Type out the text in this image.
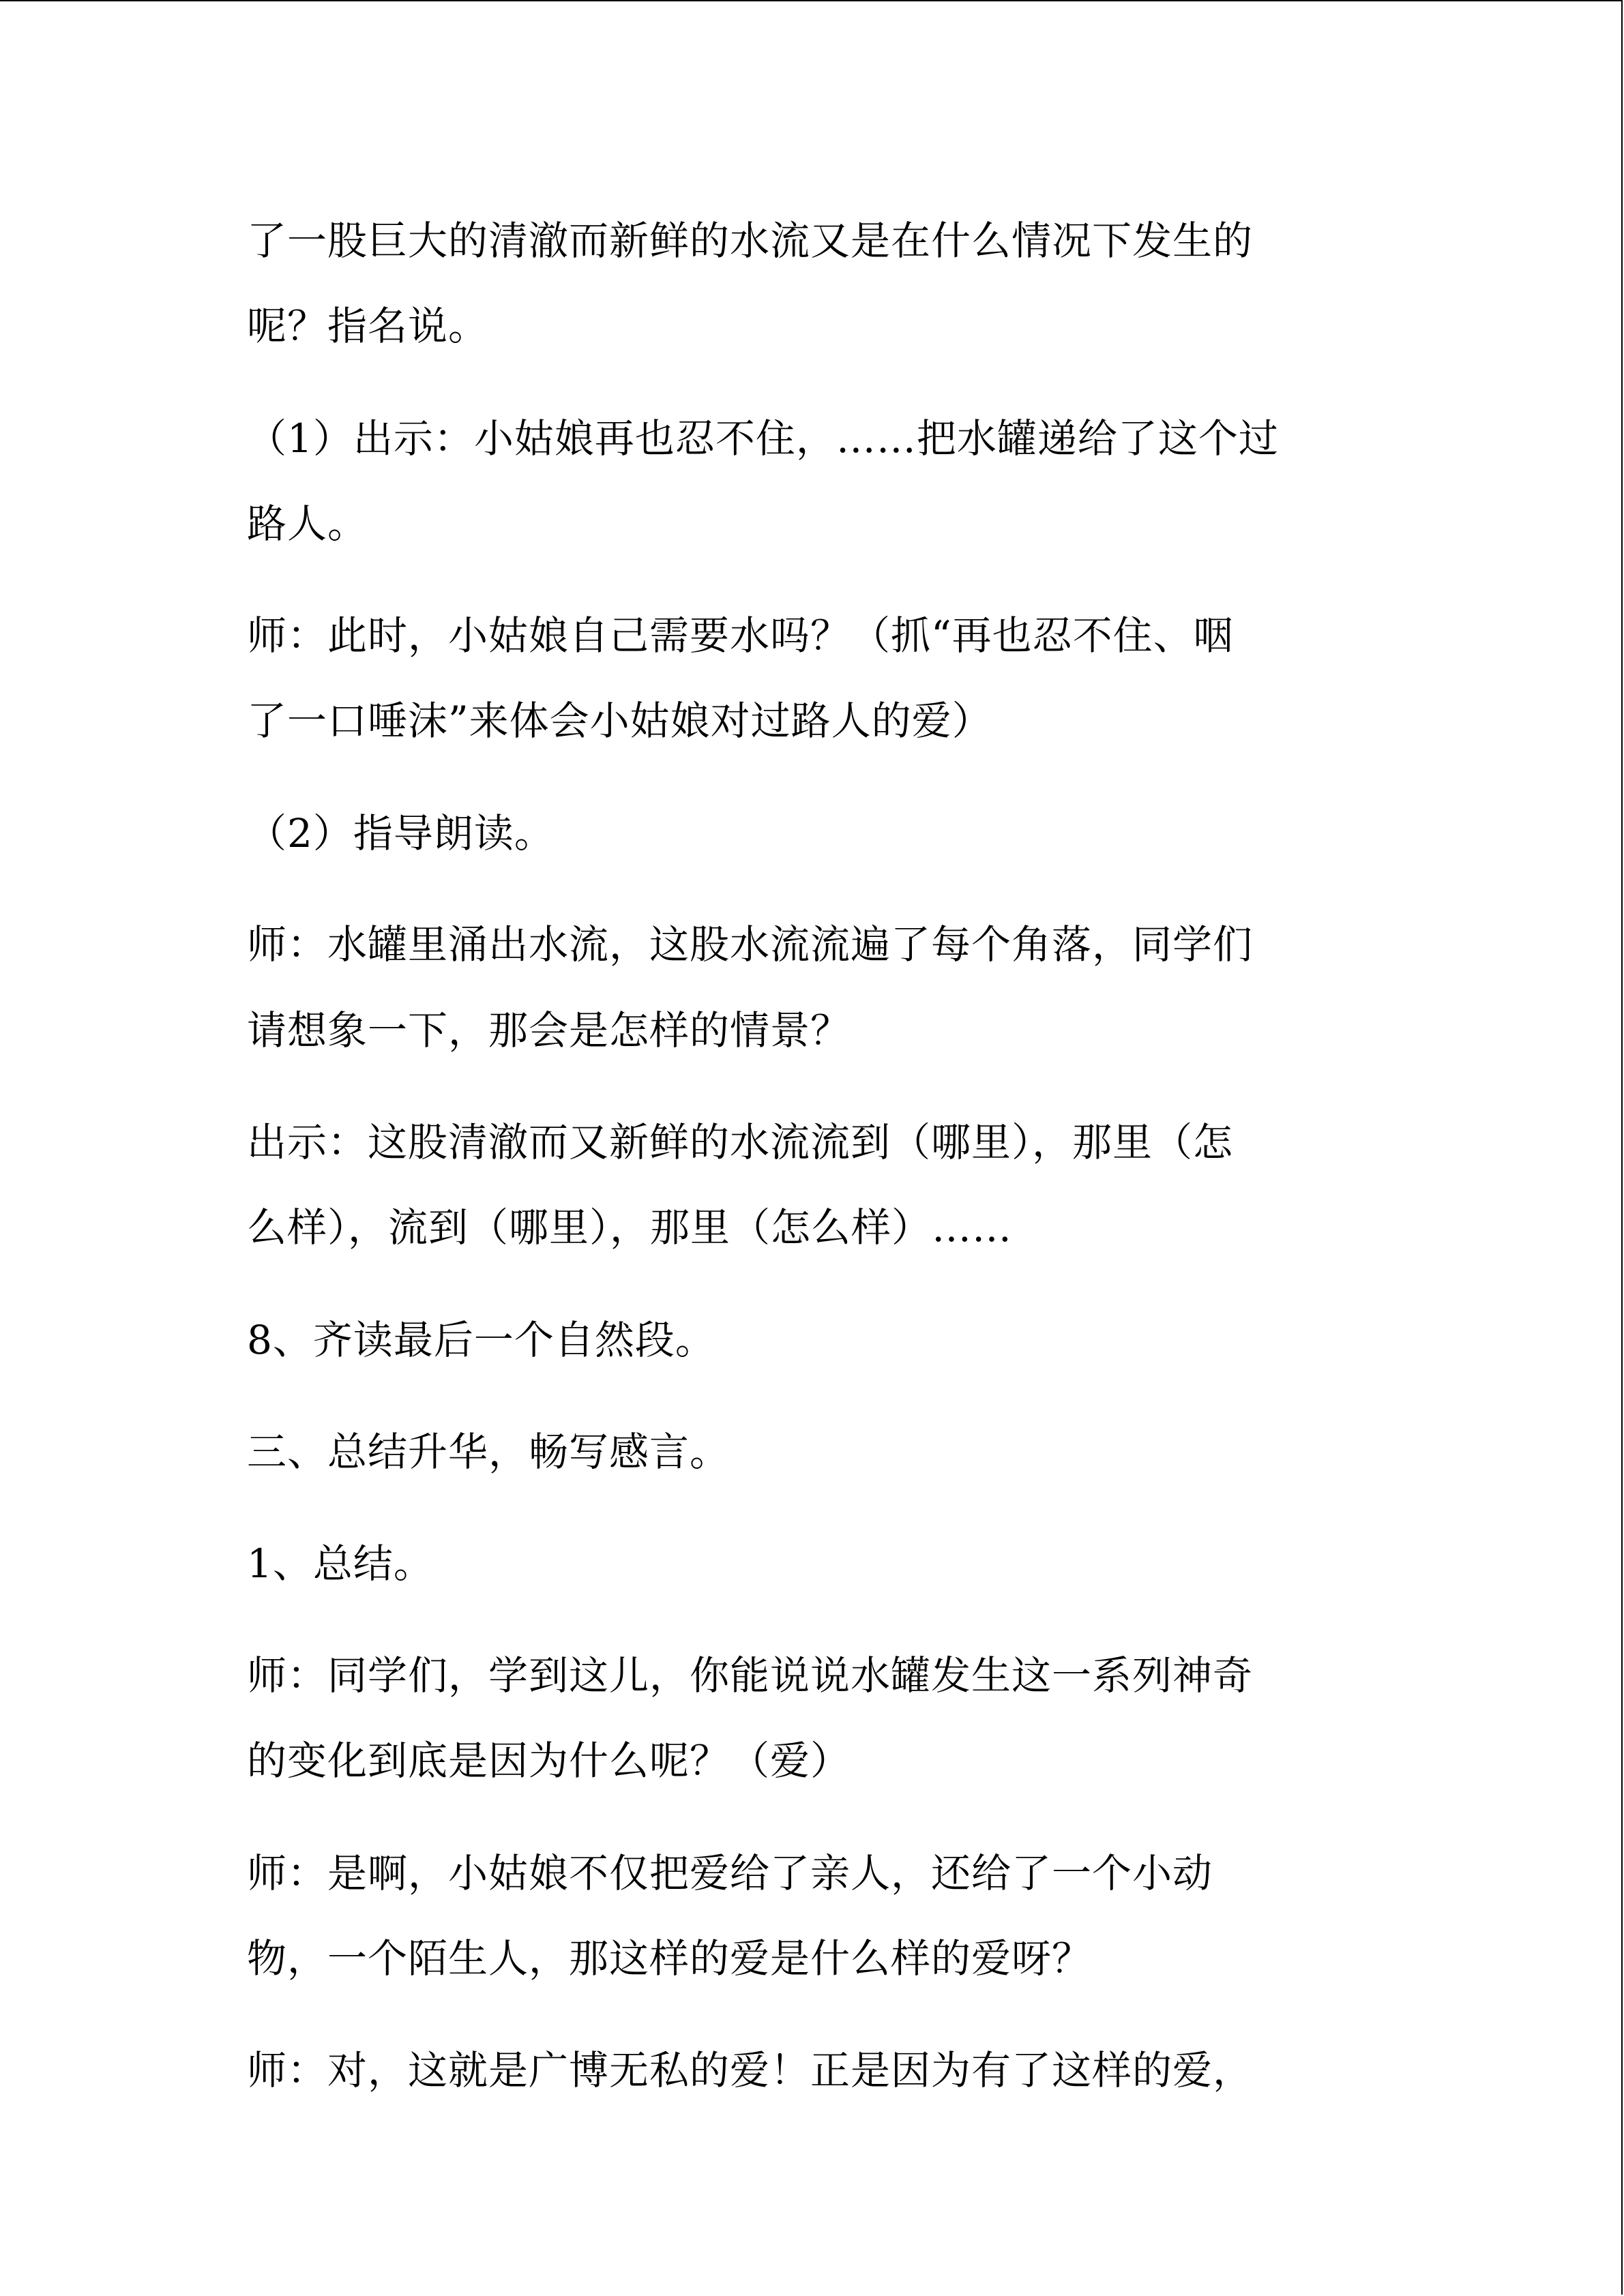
了一股巨大的清澈而新鲜的水流又是在什么情况下发生的
呢？指名说。
（1）出示：小姑娘再也忍不住，……把水罐递给了这个过
路人。
师：此时，小姑娘自己需要水吗？（抓“再也忍不住、咽
了一口唾沫”来体会小姑娘对过路人的爱）
（2）指导朗读。
师：水罐里涌出水流，这股水流流遍了每个角落，同学们
请想象一下，那会是怎样的情景？
出示：这股清澈而又新鲜的水流流到（哪里），那里（怎
么样），流到（哪里），那里（怎么样）……
8、齐读最后一个自然段。
三、总结升华，畅写感言。
1、总结。
师：同学们，学到这儿，你能说说水罐发生这一系列神奇
的变化到底是因为什么呢？（爱）
师：是啊，小姑娘不仅把爱给了亲人，还给了一个小动
物，一个陌生人，那这样的爱是什么样的爱呀？
师：对，这就是广博无私的爱！正是因为有了这样的爱，
